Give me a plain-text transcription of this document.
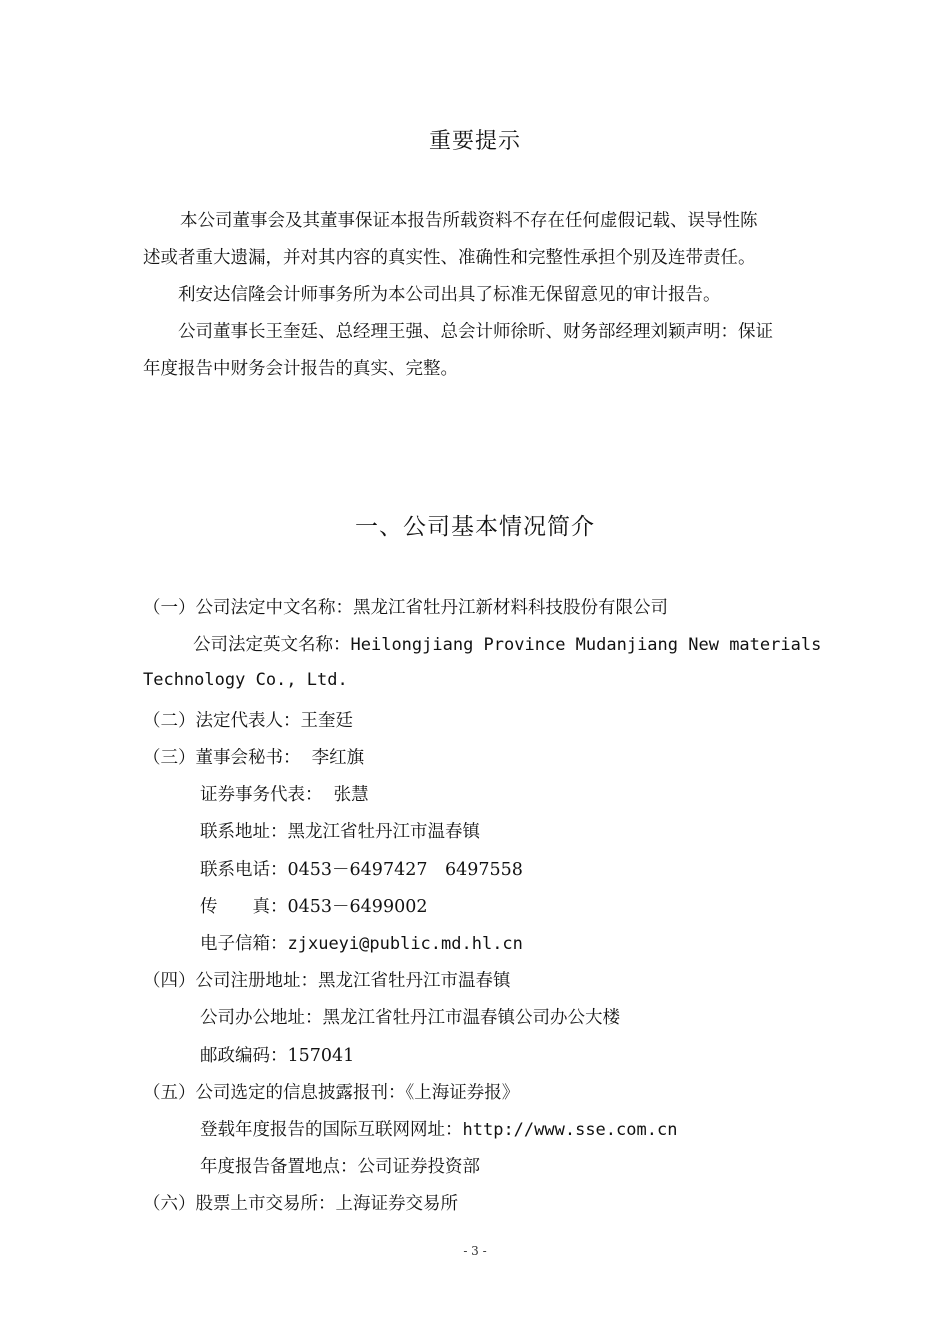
重要提示
本公司董事会及其董事保证本报告所载资料不存在任何虚假记载、误导性陈
述或者重大遗漏，并对其内容的真实性、准确性和完整性承担个别及连带责任。
利安达信隆会计师事务所为本公司出具了标准无保留意见的审计报告。
公司董事长王奎廷、总经理王强、总会计师徐昕、财务部经理刘颖声明：保证
年度报告中财务会计报告的真实、完整。
一、公司基本情况简介
（一）公司法定中文名称：黑龙江省牡丹江新材料科技股份有限公司
公司法定英文名称：Heilongjiang Province Mudanjiang New materials
Technology Co., Ltd.
（二）法定代表人：王奎廷
（三）董事会秘书： 李红旗
证券事务代表： 张慧
联系地址：黑龙江省牡丹江市温春镇
联系电话：0453－6497427　6497558
传　　真：0453－6499002
电子信箱：zjxueyi@public.md.hl.cn
（四）公司注册地址：黑龙江省牡丹江市温春镇
公司办公地址：黑龙江省牡丹江市温春镇公司办公大楼
邮政编码：157041
（五）公司选定的信息披露报刊：《上海证券报》
登载年度报告的国际互联网网址：http://www.sse.com.cn
年度报告备置地点：公司证券投资部
（六）股票上市交易所：上海证券交易所
- 3 -
